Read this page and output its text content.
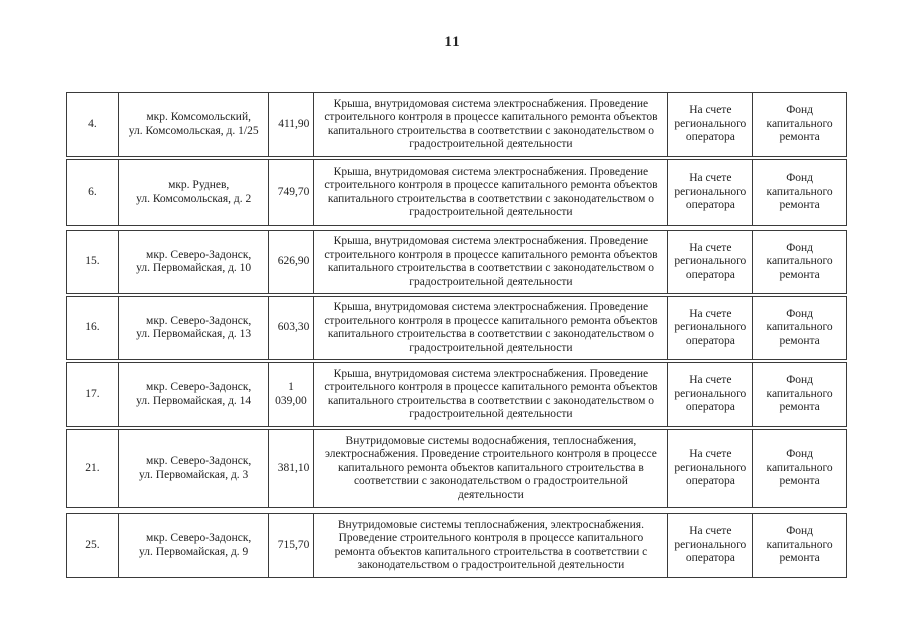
11
4.
мкр. Комсомольский,
ул. Комсомольская, д. 1/25
411,90
Крыша, внутридомовая система электроснабжения. Проведение
строительного контроля в процессе капитального ремонта объектов
капитального строительства в соответствии с законодательством о
градостроительной деятельности
На счете
регионального
оператора
Фонд
капитального
ремонта
6.
мкр. Руднев,
ул. Комсомольская, д. 2
749,70
Крыша, внутридомовая система электроснабжения. Проведение
строительного контроля в процессе капитального ремонта объектов
капитального строительства в соответствии с законодательством о
градостроительной деятельности
На счете
регионального
оператора
Фонд
капитального
ремонта
15.
мкр. Северо-Задонск,
ул. Первомайская, д. 10
626,90
Крыша, внутридомовая система электроснабжения. Проведение
строительного контроля в процессе капитального ремонта объектов
капитального строительства в соответствии с законодательством о
градостроительной деятельности
На счете
регионального
оператора
Фонд
капитального
ремонта
16.
мкр. Северо-Задонск,
ул. Первомайская, д. 13
603,30
Крыша, внутридомовая система электроснабжения. Проведение
строительного контроля в процессе капитального ремонта объектов
капитального строительства в соответствии с законодательством о
градостроительной деятельности
На счете
регионального
оператора
Фонд
капитального
ремонта
17.
мкр. Северо-Задонск,
ул. Первомайская, д. 14
1 039,00
Крыша, внутридомовая система электроснабжения. Проведение
строительного контроля в процессе капитального ремонта объектов
капитального строительства в соответствии с законодательством о
градостроительной деятельности
На счете
регионального
оператора
Фонд
капитального
ремонта
21.
мкр. Северо-Задонск,
ул. Первомайская, д. 3
381,10
Внутридомовые системы водоснабжения, теплоснабжения,
электроснабжения. Проведение строительного контроля в процессе
капитального ремонта объектов капитального строительства в
соответствии с законодательством о градостроительной
деятельности
На счете
регионального
оператора
Фонд
капитального
ремонта
25.
мкр. Северо-Задонск,
ул. Первомайская, д. 9
715,70
Внутридомовые системы теплоснабжения, электроснабжения.
Проведение строительного контроля в процессе капитального
ремонта объектов капитального строительства в соответствии с
законодательством о градостроительной деятельности
На счете
регионального
оператора
Фонд
капитального
ремонта
